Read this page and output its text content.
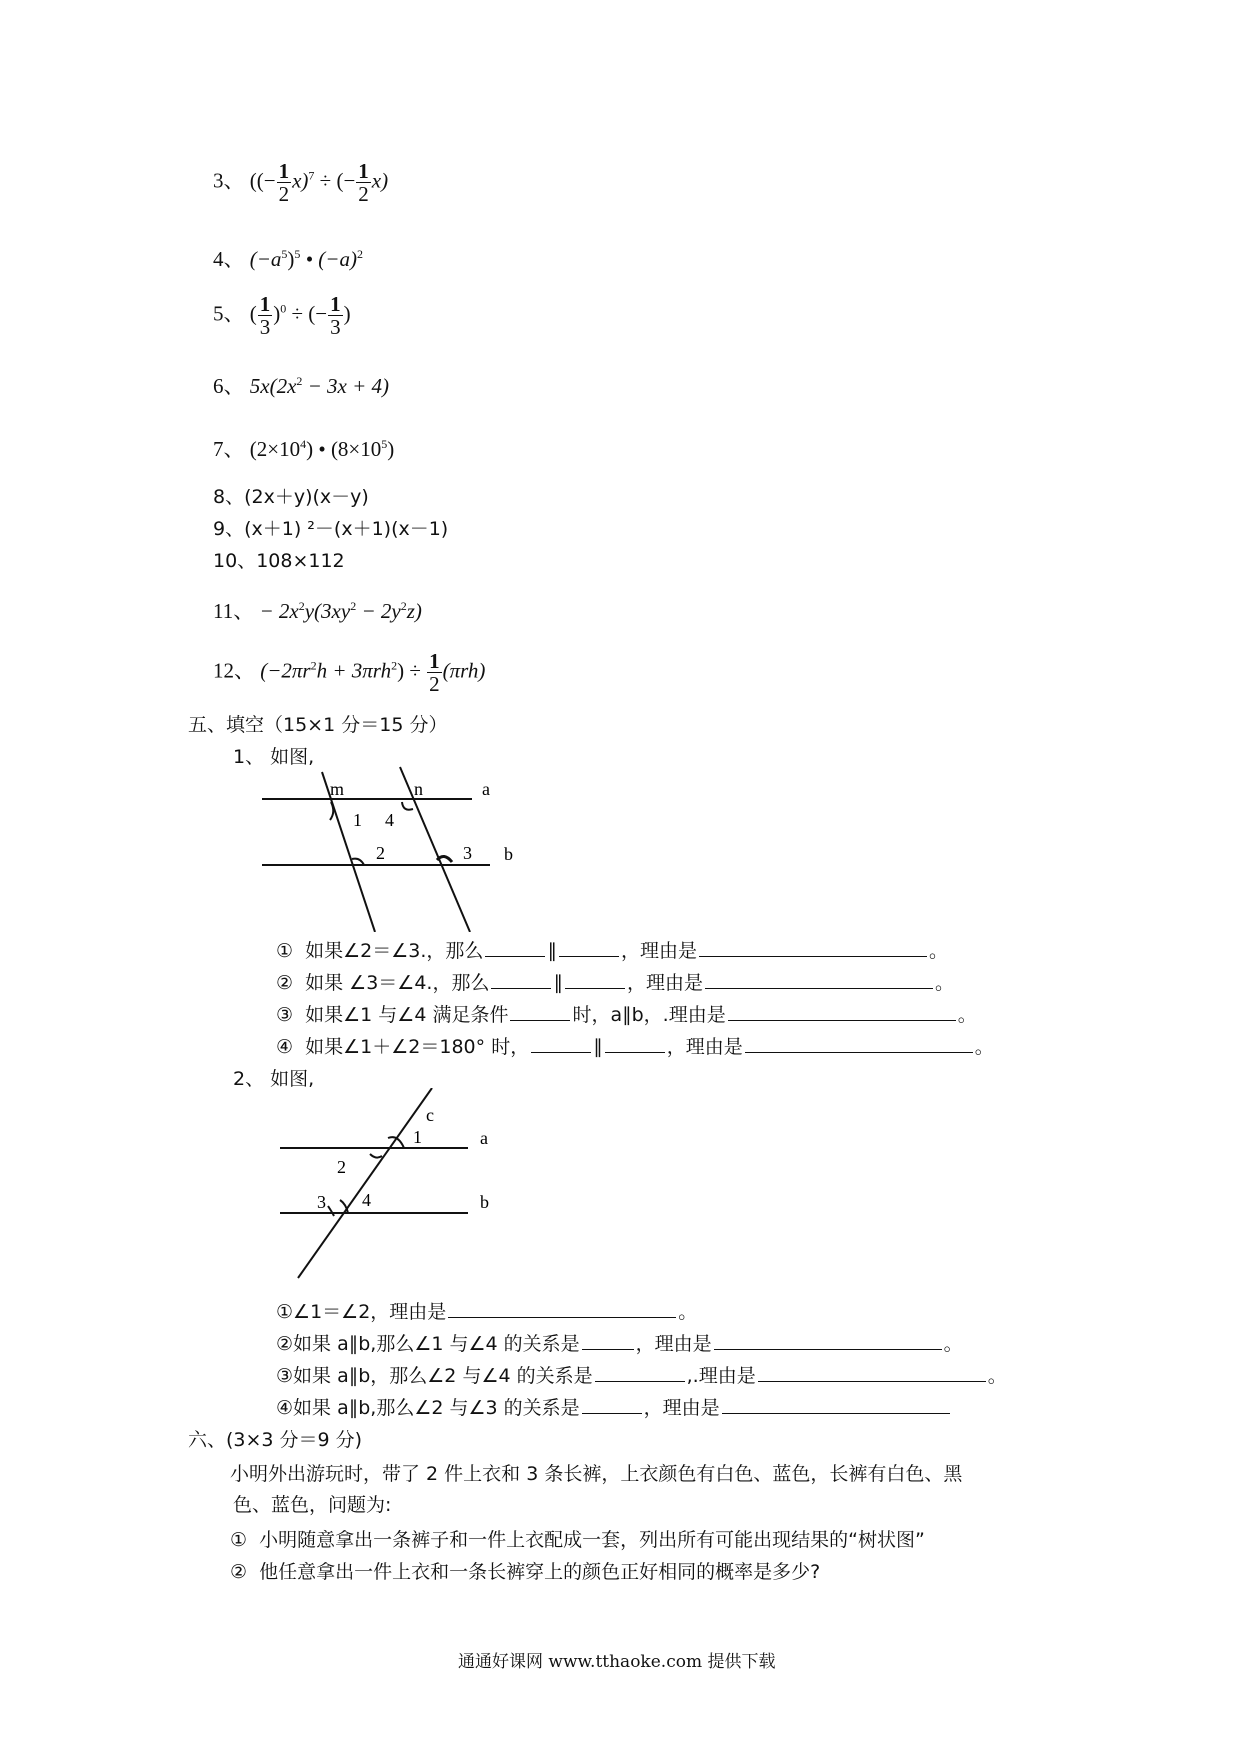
3、 ((− $\frac{1}{2} x)^7$ ÷ (− $\frac{1}{2} x$)
4、 $(-a^5)^5$ • $(-a)^2$
5、 ( $\frac{1}{3} )^0$ ÷ (− $\frac{1}{3}$ )
6、 $5x(2x^2 - 3x + 4)$
7、 $(2\times 10^4)$ • $(8\times 10^5)$
8、(2x＋y)(x－y)
9、(x＋1) ²－(x＋1)(x－1)
10、108×112
11、 − $2x^2y(3xy^2 - 2y^2z)$
12、 $(-2\pi r^2h + 3\pi rh^2) \div \frac{1}{2} (\pi rh)$
五、填空（15×1 分＝15 分）
1、 如图,
m	n	a
b
1 4
2	3
① 如果∠2＝∠3.，那么	∥	，理由是	。
② 如果 ∠3＝∠4.，那么	∥	，理由是	。
③ 如果∠1 与∠4 满足条件	时，a∥b，.理由是	。
④ 如果∠1＋∠2＝180° 时，	∥	，理由是	。
2、 如图,
c
a
b
1
2
3 4
①∠1＝∠2，理由是	。
②如果 a∥b,那么∠1 与∠4 的关系是	，理由是	。
③如果 a∥b，那么∠2 与∠4 的关系是	,.理由是	。
④如果 a∥b,那么∠2 与∠3 的关系是	，理由是
六、(3×3 分＝9 分)
小明外出游玩时，带了 2 件上衣和 3 条长裤，上衣颜色有白色、蓝色，长裤有白色、黑
色、蓝色，问题为:
① 小明随意拿出一条裤子和一件上衣配成一套，列出所有可能出现结果的“树状图”
② 他任意拿出一件上衣和一条长裤穿上的颜色正好相同的概率是多少?
通通好课网 www.tthaoke.com 提供下载
